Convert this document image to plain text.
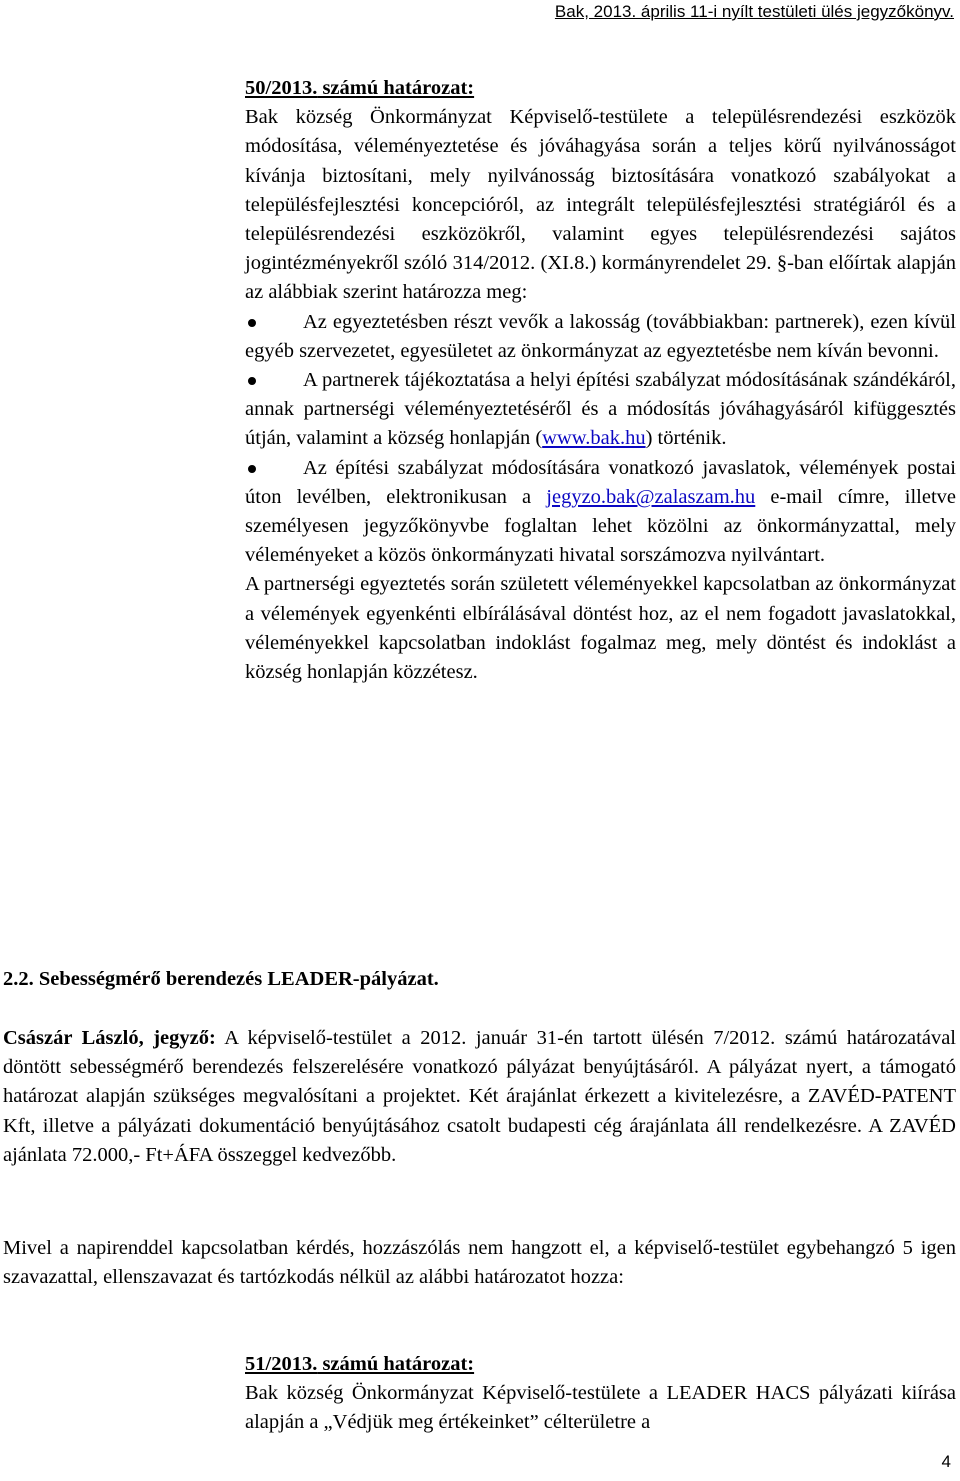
Bak, 2013. április 11-i nyílt testületi ülés jegyzőkönyv.

50/2013. számú határozat:

Bak község Önkormányzat Képviselő-testülete a településrendezési eszközök módosítása, véleményeztetése és jóváhagyása során a teljes körű nyilvánosságot kívánja biztosítani, mely nyilvánosság biztosítására vonatkozó szabályokat a településfejlesztési koncepcióról, az integrált településfejlesztési stratégiáról és a településrendezési eszközökről, valamint egyes településrendezési sajátos jogintézményekről szóló 314/2012. (XI.8.) kormányrendelet 29. §-ban előírtak alapján az alábbiak szerint határozza meg:

Az egyeztetésben részt vevők a lakosság (továbbiakban: partnerek), ezen kívül egyéb szervezetet, egyesületet az önkormányzat az egyeztetésbe nem kíván bevonni.
A partnerek tájékoztatása a helyi építési szabályzat módosításának szándékáról, annak partnerségi véleményeztetéséről és a módosítás jóváhagyásáról kifüggesztés útján, valamint a község honlapján (www.bak.hu) történik.
Az építési szabályzat módosítására vonatkozó javaslatok, vélemények postai úton levélben, elektronikusan a jegyzo.bak@zalaszam.hu e-mail címre, illetve személyesen jegyzőkönyvbe foglaltan lehet közölni az önkormányzattal, mely véleményeket a közös önkormányzati hivatal sorszámozva nyilvántart.

A partnerségi egyeztetés során született véleményekkel kapcsolatban az önkormányzat a vélemények egyenkénti elbírálásával döntést hoz, az el nem fogadott javaslatokkal, véleményekkel kapcsolatban indoklást fogalmaz meg, mely döntést és indoklást a község honlapján közzétesz.

2.2. Sebességmérő berendezés LEADER-pályázat.

Császár László, jegyző: A képviselő-testület a 2012. január 31-én tartott ülésén 7/2012. számú határozatával döntött sebességmérő berendezés felszerelésére vonatkozó pályázat benyújtásáról. A pályázat nyert, a támogató határozat alapján szükséges megvalósítani a projektet. Két árajánlat érkezett a kivitelezésre, a ZAVÉD-PATENT Kft, illetve a pályázati dokumentáció benyújtásához csatolt budapesti cég árajánlata áll rendelkezésre. A ZAVÉD ajánlata 72.000,- Ft+ÁFA összeggel kedvezőbb.

Mivel a napirenddel kapcsolatban kérdés, hozzászólás nem hangzott el, a képviselő-testület egybehangzó 5 igen szavazattal, ellenszavazat és tartózkodás nélkül az alábbi határozatot hozza:

51/2013. számú határozat:

Bak község Önkormányzat Képviselő-testülete a LEADER HACS pályázati kiírása alapján a „Védjük meg értékeinket” célterületre a

4
